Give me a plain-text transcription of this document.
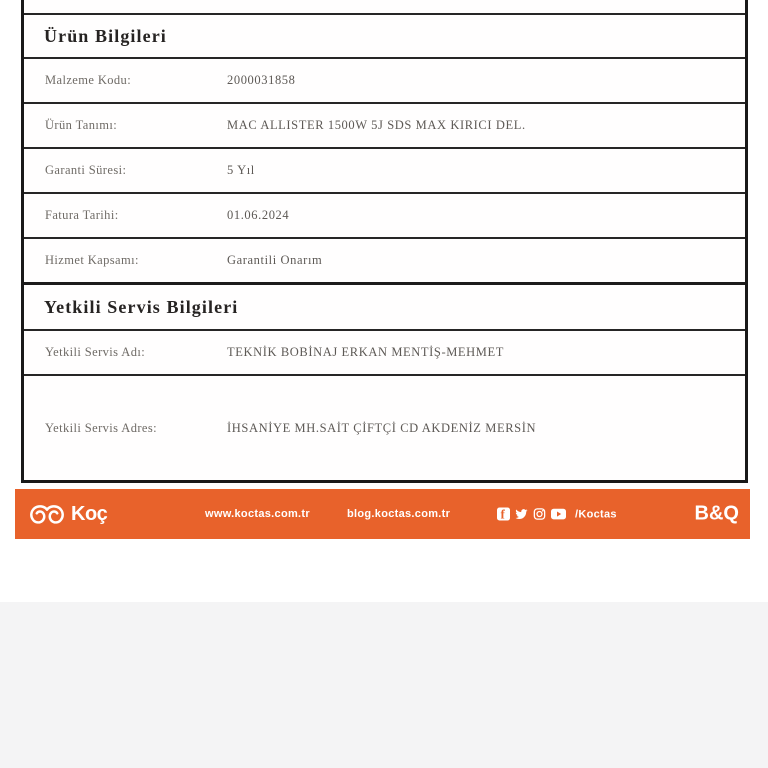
Ürün Bilgileri
Malzeme Kodu:	2000031858
Ürün Tanımı:	MAC ALLISTER 1500W 5J SDS MAX KIRICI DEL.
Garanti Süresi:	5 Yıl
Fatura Tarihi:	01.06.2024
Hizmet Kapsamı:	Garantili Onarım
Yetkili Servis Bilgileri
Yetkili Servis Adı:	TEKNİK BOBİNAJ ERKAN MENTİŞ-MEHMET
Yetkili Servis Adres:	İHSANİYE MH.SAİT ÇİFTÇİ CD AKDENİZ MERSİN
Koç	www.koctas.com.tr	blog.koctas.com.tr	f	/Koctas	B&Q
